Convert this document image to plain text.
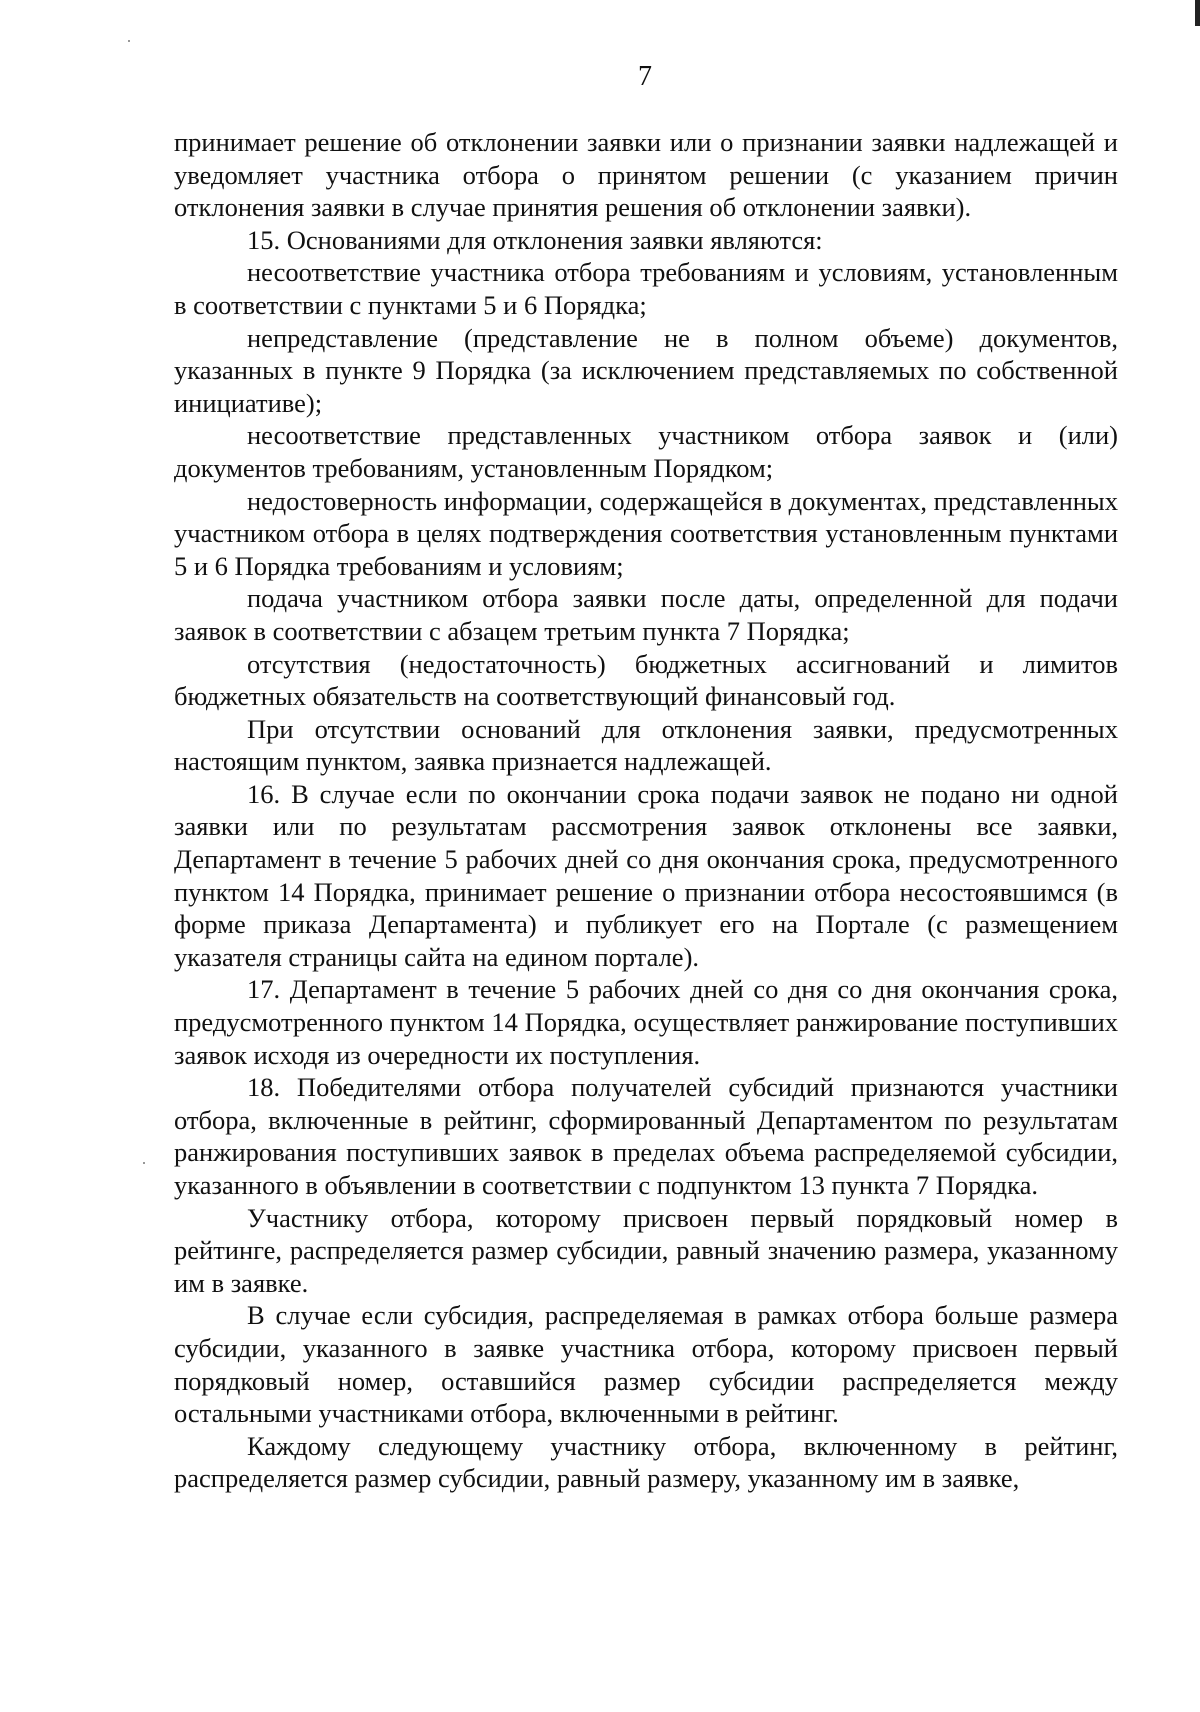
7

принимает решение об отклонении заявки или о признании заявки надлежащей и уведомляет участника отбора о принятом решении (с указанием причин отклонения заявки в случае принятия решения об отклонении заявки).

15. Основаниями для отклонения заявки являются:

несоответствие участника отбора требованиям и условиям, установленным в соответствии с пунктами 5 и 6 Порядка;

непредставление (представление не в полном объеме) документов, указанных в пункте 9 Порядка (за исключением представляемых по собственной инициативе);

несоответствие представленных участником отбора заявок и (или) документов требованиям, установленным Порядком;

недостоверность информации, содержащейся в документах, представленных участником отбора в целях подтверждения соответствия установленным пунктами 5 и 6 Порядка требованиям и условиям;

подача участником отбора заявки после даты, определенной для подачи заявок в соответствии с абзацем третьим пункта 7 Порядка;

отсутствия (недостаточность) бюджетных ассигнований и лимитов бюджетных обязательств на соответствующий финансовый год.

При отсутствии оснований для отклонения заявки, предусмотренных настоящим пунктом, заявка признается надлежащей.

16. В случае если по окончании срока подачи заявок не подано ни одной заявки или по результатам рассмотрения заявок отклонены все заявки, Департамент в течение 5 рабочих дней со дня окончания срока, предусмотренного пунктом 14 Порядка, принимает решение о признании отбора несостоявшимся (в форме приказа Департамента) и публикует его на Портале (с размещением указателя страницы сайта на едином портале).

17. Департамент в течение 5 рабочих дней со дня со дня окончания срока, предусмотренного пунктом 14 Порядка, осуществляет ранжирование поступивших заявок исходя из очередности их поступления.

18. Победителями отбора получателей субсидий признаются участники отбора, включенные в рейтинг, сформированный Департаментом по результатам ранжирования поступивших заявок в пределах объема распределяемой субсидии, указанного в объявлении в соответствии с подпунктом 13 пункта 7 Порядка.

Участнику отбора, которому присвоен первый порядковый номер в рейтинге, распределяется размер субсидии, равный значению размера, указанному им в заявке.

В случае если субсидия, распределяемая в рамках отбора больше размера субсидии, указанного в заявке участника отбора, которому присвоен первый порядковый номер, оставшийся размер субсидии распределяется между остальными участниками отбора, включенными в рейтинг.

Каждому следующему участнику отбора, включенному в рейтинг, распределяется размер субсидии, равный размеру, указанному им в заявке,
